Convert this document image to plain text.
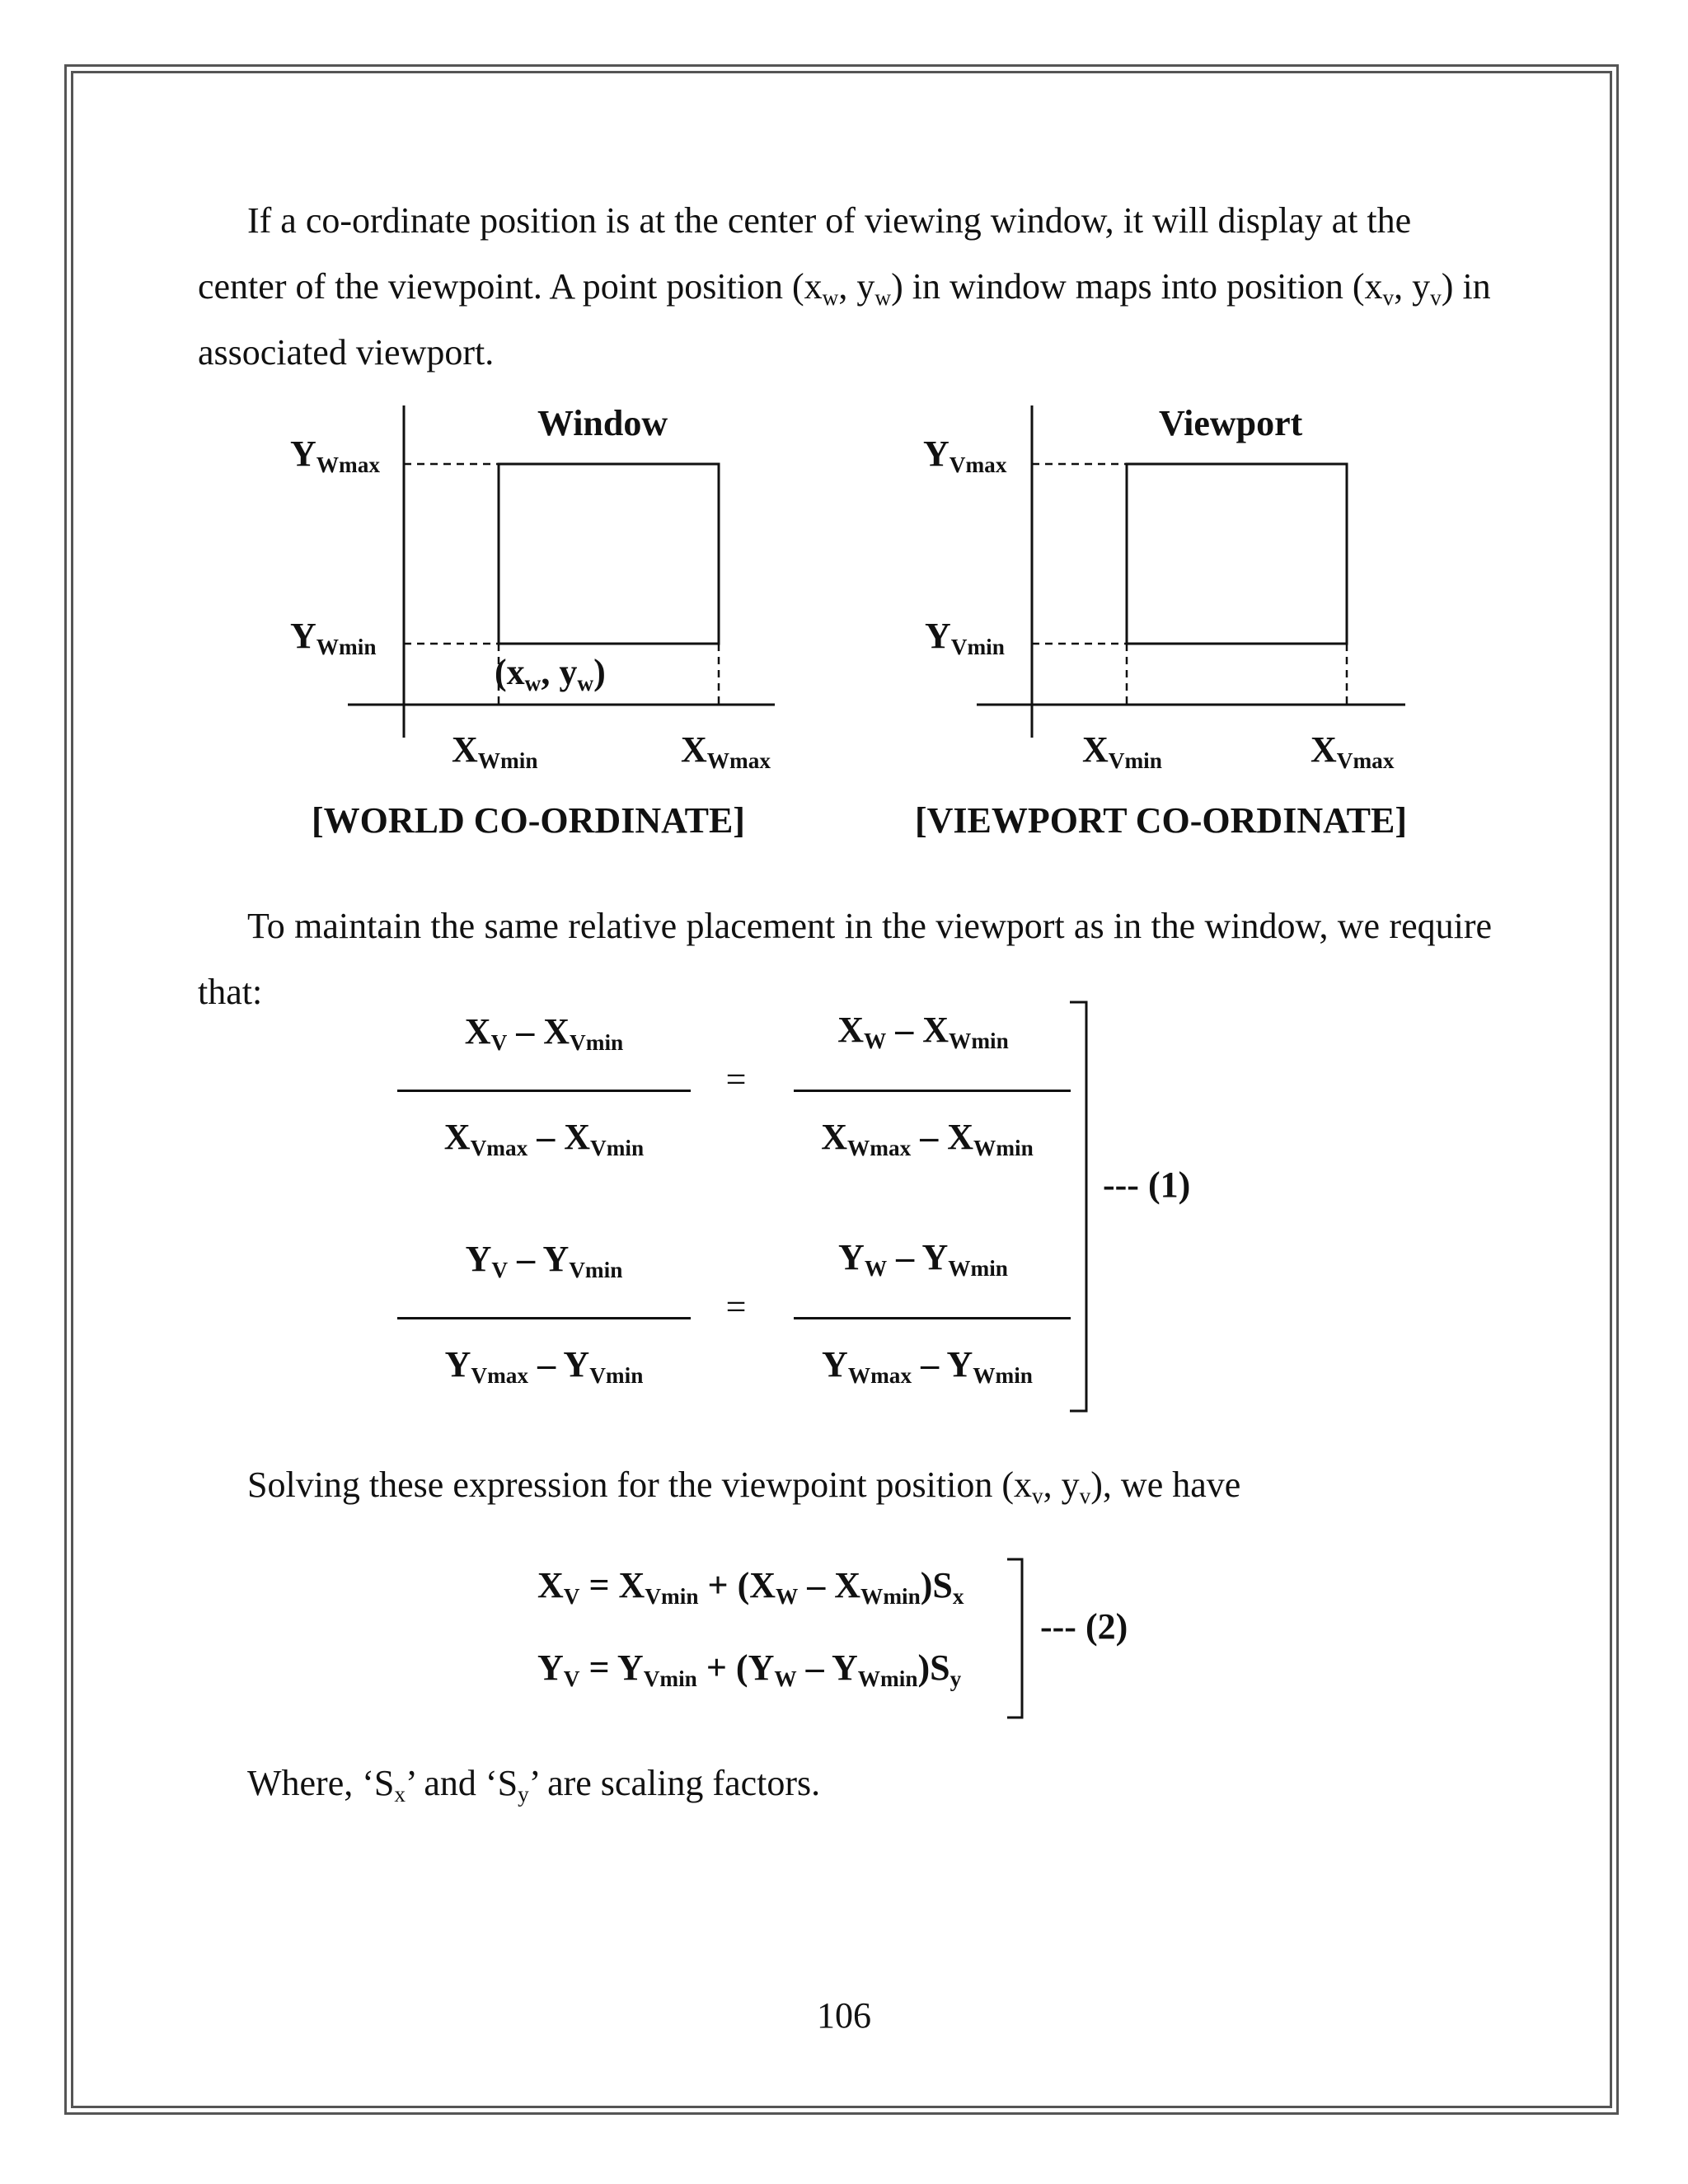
If a co-ordinate position is at the center of viewing window, it will display at the center of the viewpoint. A point position ($x_w$, $y_w$) in window maps into position ($x_v$, $y_v$) in associated viewport.

Window
$Y_{Wmax}$
$Y_{Wmin}$
($x_w$, $y_w$)
$X_{Wmin}$	$X_{Wmax}$
[WORLD CO-ORDINATE]
Viewport
$Y_{Vmax}$
$Y_{Vmin}$
$X_{Vmin}$	$X_{Vmax}$
[VIEWPORT CO-ORDINATE]

To maintain the same relative placement in the viewport as in the window, we require that:

$X_V - X_{Vmin}$
$X_{Vmax} - X_{Vmin}$
=
$X_W - X_{Wmin}$
$X_{Wmax} - X_{Wmin}$
$Y_V - Y_{Vmin}$
$Y_{Vmax} - Y_{Vmin}$
=
$Y_W - Y_{Wmin}$
$Y_{Wmax} - Y_{Wmin}$
--- (1)

Solving these expression for the viewpoint position ($x_v$, $y_v$), we have

$X_V = X_{Vmin} + (X_W - X_{Wmin})S_x$
$Y_V = Y_{Vmin} + (Y_W - Y_{Wmin})S_y$
--- (2)

Where, ‘$S_x$’ and ‘$S_y$’ are scaling factors.

106
